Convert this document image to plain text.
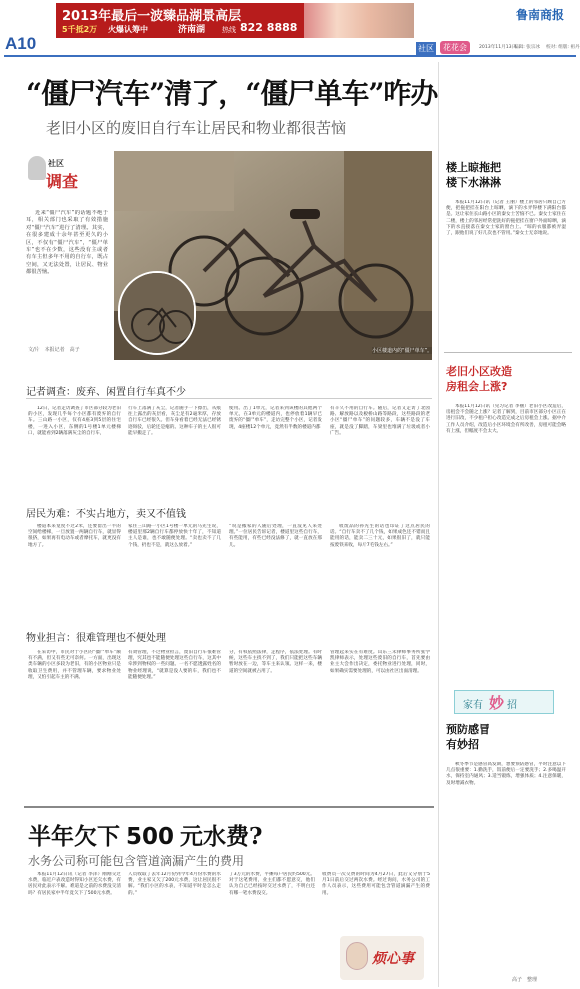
A10
2013年最后一波臻品湖景高层
5千抵2万 火爆认筹中	济南湖 热线 822 8888
社区	花花会
鲁南商报
2013年11月13日
编辑: 张宗冰 校对: 组版: 祖丹
“僵尸汽车”清了，“僵尸单车”咋办
老旧小区的废旧自行车让居民和物业都很苦恼
社区
调查

近来“僵尸汽车”的话题不绝于耳，相关部门也采取了有效措施对“僵尸汽车”进行了清理。其实，在很多建成十余年甚至更久的小区，不仅有“僵尸汽车”，“僵尸单车”也不在少数，这些没有主或者有车主但多年不用的自行车，既占空间，又无法处置，让居民、物业都很苦恼。

文/片　本报记者　高子	小区楼道内的“僵尸单车”。
记者调查：废弃、闲置自行车真不少

12日，记者走访调查了市区部分较为老旧的小区，发现几乎每个小区都有废弃的自行车。三山路一小区，仅有4座3到5层的住宅楼，一进入小区，东侧的1号楼1单元楼梯口，就能看到2辆落满灰尘的自行车，

行车上落满了灰尘，记者随手一下擦出，从痕往上露出的灰层看，灰尘足有2毫米厚，存放自行车已经很久。但车身看着已经无法已经锈迹斑驳，后轮还是瘪的。这种车子的主人很可能早搬走了。

使用。出了1单元，记者来到该楼的其他两个单元，在3单元的楼道内，也停放着1辆早已废弃的“僵尸单车”，走访完整个小区，记者发现，4座楼12个单元，竟然有半数的楼道内都

有辛久不用的自行车。随后，记者又走访了北园路、解放路以及板桥山路等路段，这些路段的老小区“僵尸单车”的问题较多，车辆不是没了车座，就是没了脚踏，车梁里也堆满了垃圾或者小广告。

居民为难：不实占地方，卖又不值钱

楼道本来宽度不过2米，还要留出一半的空间给楼梯，一旦放置一两辆自行车，就显得很挤，如果再有电动车或者摩托车，就更没有地方了。

家住三山路一小区1号楼一单元的马先生说，楼道里那2辆自行车都停放快十年了，不知道主人是谁，也不敢随便处理。“卖也卖不了几个钱，扔也不是，就这么放着。”

“说是搬家的人随后处理，一直没见人来处理。”一位居民告诉记者，楼道里这些自行车，有些能用，有些已经没法修了，就一直放在那儿。

收废品的孙先生的话也印证了这点居民的话。“自行车卖不了几个钱，如果成色还不错而且能用的话，能卖二三十元，如果很旧了，就只能按废铁来收，每斤7毛钱左右。”

物业担言：很难管理也不便处理

在采访中，市民对于小区的“僵尸单车”颇有不满，但又有些无可奈何。一方面，出现这类车辆的小区多较为老旧，有的小区物业只是收取卫生费用，并不管理车辆，要求物业处理，又怕引起车主的不满。

有效管理，不过物业担言，废旧自行车很难管理，究其也不能随便处理这些自行车，这其中牵涉到物权的一些问题。一名不愿透露姓名的物业经理说，“就算是没人要的车，我们也不能随便处理。”

分，有权依照法律，走程序，依法处理。有时候，这些车主找不到了，我们只能把这些车辆暂时放在一边，等车主来认领。这样一来，楼道的空间就被占用了。

管理起来实在有难度。山东三禾律师事务所张学凯律师表示，处理这些废旧的自行车，首先要由业主大会作出决定，委托物业进行处理，同时，如果确实需要处理的，可以由社区出面清理。

半年欠下 500 元水费?
水务公司称可能包含管道滴漏产生的费用

本报11月12日讯（记者 李泽）刚刚交过水费，临近户表改造时得知小区还欠水费，有居民对此表示不解。难道是之前的水费没交清吗？有居民家中半年竟欠下了500元水费。

人员收取了去年12月份到今年4月份水费的水费，业主家又欠了200元水费，这让居民很不解。“我们小区的水表，不知道平时是怎么走的。”

了3万元的水费，平摊每户居民约500元。对于这笔费用，业主们都不愿意交，他们认为自己已经按时交过水费了，不明白还有哪一笔水费没交。

收费员一次交费的时间为4月27日，此后又分别于5月1日前后交过两次水费。经过询问，水务公司的工作人员表示，这些费用可能包含管道滴漏产生的费用。

烦心事
楼上晾拖把
楼下水淋淋

本报11月12日讯（记者 王丽）楼上的邻居只顾自己方便，把拖把挂在阳台上晾晒，滴下的水弄得楼下满阳台都是。这让家住长山路小区的秦女士苦恼不已。秦女士家住在二楼，楼上的邻居经常把洗好的拖把挂在窗户外面晾晒，滴下的水直接落在秦女士家的窗台上。“晾的衣服都被弄湿了，跟他们说了好几次也不管用。”秦女士无奈地说。

老旧小区改造
房租会上涨?

本报11月12日讯（见习记者 李丽）老旧小区改造后，房租会不会随之上涨？记者了解到，目前市区部分小区正在进行旧改，不少租户担心改造完成之后房租会上涨。据中介工作人员介绍，改造后小区环境会有所改善，房租可能会略有上涨，但幅度不会太大。

家有 妙 招
预防感冒
有妙招

秋冬季节是感冒高发期，想要预防感冒，平时注意以下几点很重要：1.勤洗手，饭前便后一定要洗手；2.多喝温开水，保持室内通风；3.适当锻炼，增强体质；4.注意保暖，及时增减衣物。

高子　整理
